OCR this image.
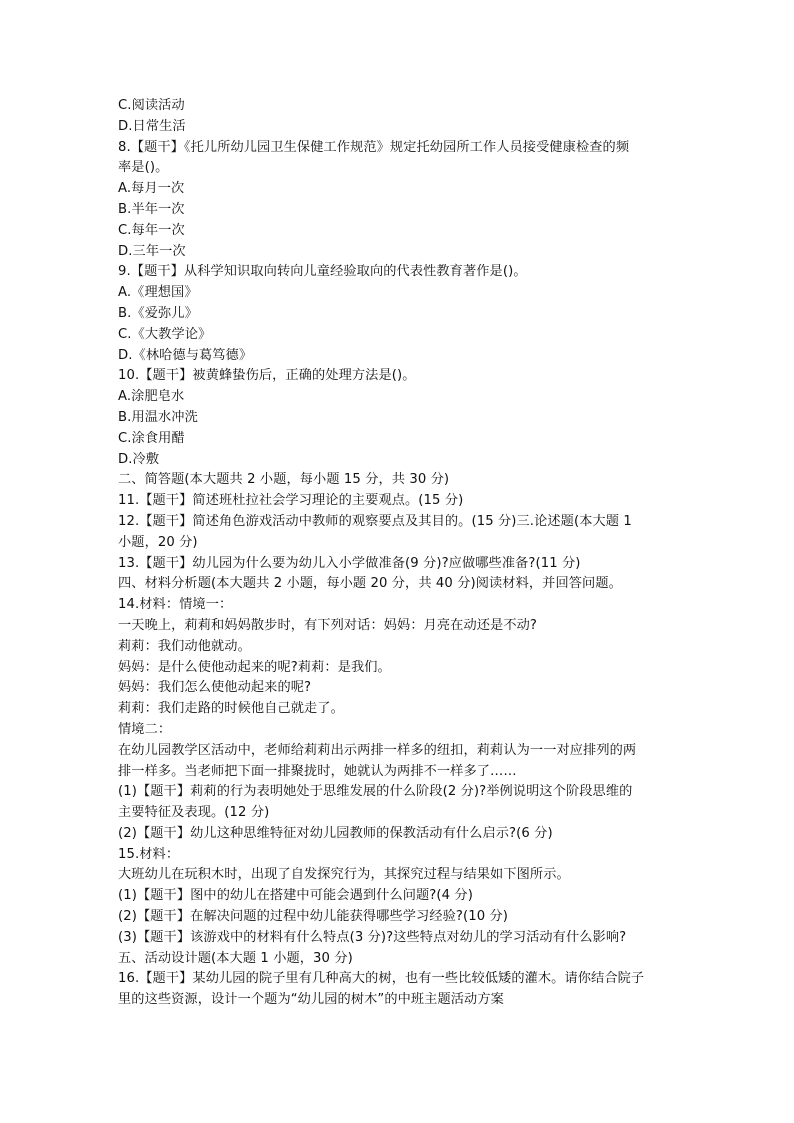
C.阅读活动

D.日常生活

8.【题干】《托儿所幼儿园卫生保健工作规范》规定托幼园所工作人员接受健康检查的频

率是()。

A.每月一次

B.半年一次

C.每年一次

D.三年一次

9.【题干】从科学知识取向转向儿童经验取向的代表性教育著作是()。

A.《理想国》

B.《爱弥儿》

C.《大教学论》

D.《林哈德与葛笃德》

10.【题干】被黄蜂蛰伤后，正确的处理方法是()。

A.涂肥皂水

B.用温水冲洗

C.涂食用醋

D.冷敷

二、简答题(本大题共 2 小题，每小题 15 分，共 30 分)

11.【题干】简述班杜拉社会学习理论的主要观点。(15 分)

12.【题干】简述角色游戏活动中教师的观察要点及其目的。(15 分)三.论述题(本大题 1

小题，20 分)

13.【题干】幼儿园为什么要为幼儿入小学做准备(9 分)?应做哪些准备?(11 分)

四、材料分析题(本大题共 2 小题，每小题 20 分，共 40 分)阅读材料，并回答问题。

14.材料：情境一：

一天晚上，莉莉和妈妈散步时，有下列对话：妈妈：月亮在动还是不动?

莉莉：我们动他就动。

妈妈：是什么使他动起来的呢?莉莉：是我们。

妈妈：我们怎么使他动起来的呢?

莉莉：我们走路的时候他自己就走了。

情境二：

在幼儿园教学区活动中，老师给莉莉出示两排一样多的纽扣，莉莉认为一一对应排列的两

排一样多。当老师把下面一排聚拢时，她就认为两排不一样多了……

(1)【题干】莉莉的行为表明她处于思维发展的什么阶段(2 分)?举例说明这个阶段思维的

主要特征及表现。(12 分)

(2)【题干】幼儿这种思维特征对幼儿园教师的保教活动有什么启示?(6 分)

15.材料：

大班幼儿在玩积木时，出现了自发探究行为，其探究过程与结果如下图所示。

(1)【题干】图中的幼儿在搭建中可能会遇到什么问题?(4 分)

(2)【题干】在解决问题的过程中幼儿能获得哪些学习经验?(10 分)

(3)【题干】该游戏中的材料有什么特点(3 分)?这些特点对幼儿的学习活动有什么影响?

五、活动设计题(本大题 1 小题，30 分)

16.【题干】某幼儿园的院子里有几种高大的树，也有一些比较低矮的灌木。请你结合院子

里的这些资源，设计一个题为“幼儿园的树木”的中班主题活动方案
